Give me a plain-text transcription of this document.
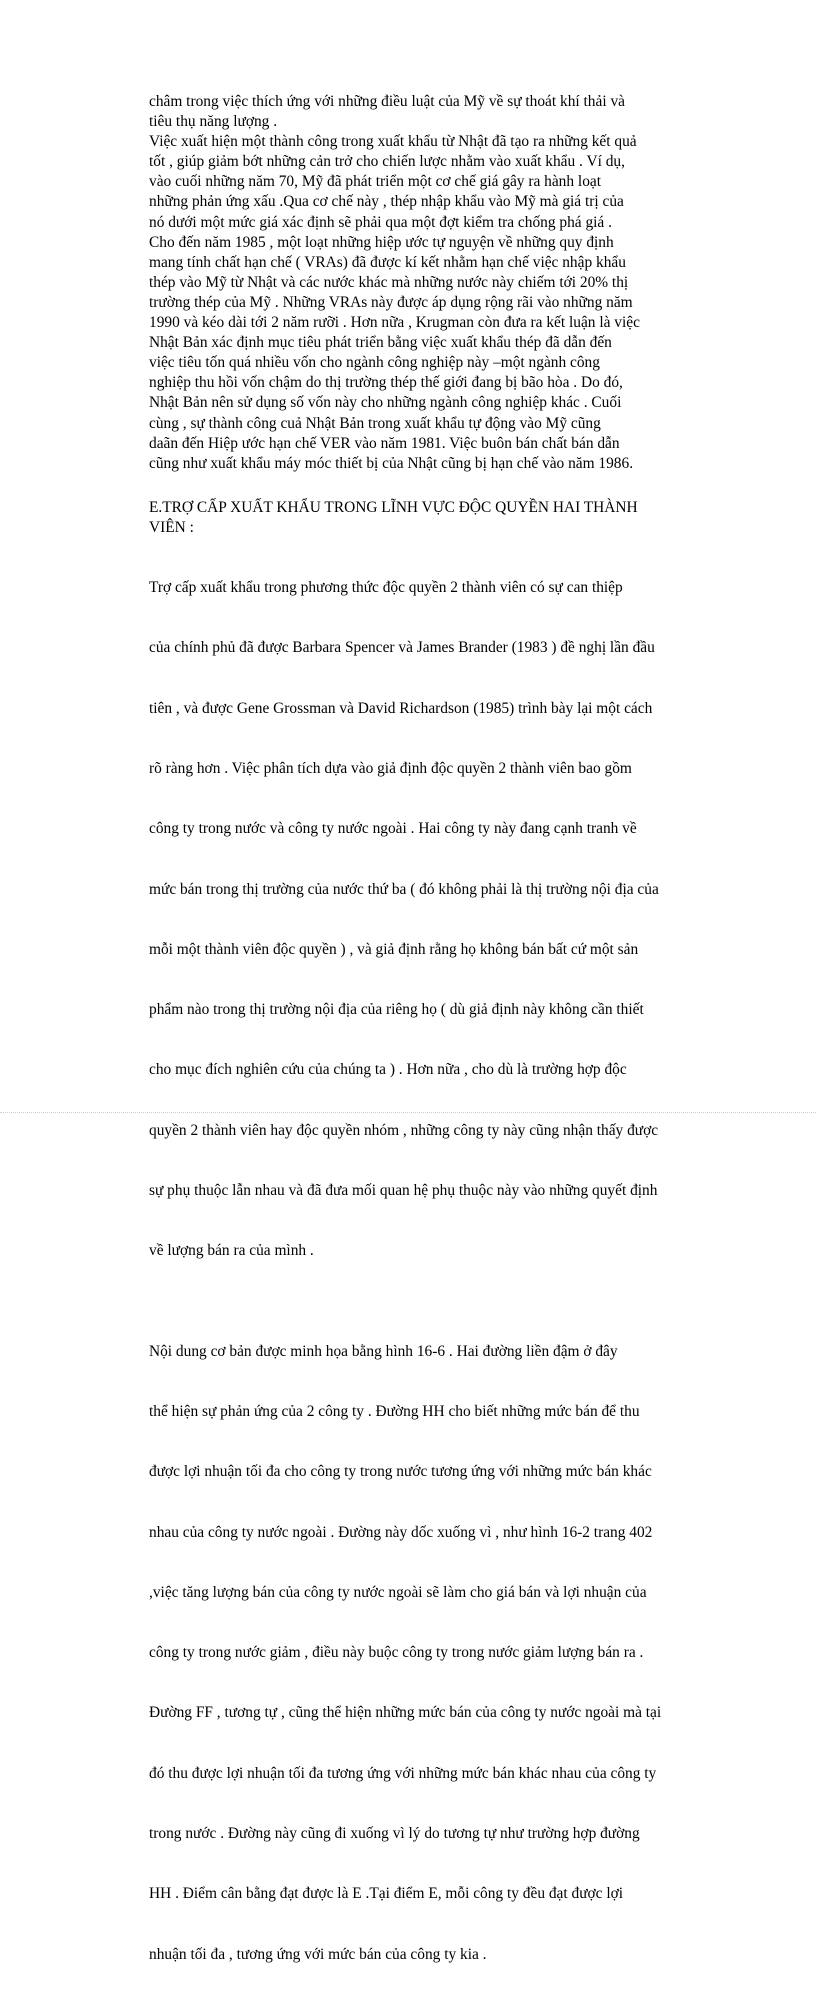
châm trong việc thích ứng với những điều luật của Mỹ về sự thoát khí thải và
tiêu thụ năng lượng .
Việc xuất hiện một thành công trong xuất khẩu từ Nhật đã tạo ra những kết quả
tốt , giúp giảm bớt những cản trở cho chiến lược nhằm vào xuất khẩu . Ví dụ,
vào cuối những năm 70, Mỹ đã phát triển một cơ chế giá gây ra hành loạt
những phản ứng xấu .Qua cơ chế này , thép nhập khẩu vào Mỹ mà giá trị của
nó dưới một mức giá xác định sẽ phải qua một đợt kiểm tra chống phá giá .
Cho đến năm 1985 , một loạt những hiệp ước tự nguyện về những quy định
mang tính chất hạn chế ( VRAs) đã được kí kết nhằm hạn chế việc nhập khẩu
thép vào Mỹ từ Nhật và các nước khác mà những nước này chiếm tới 20% thị
trường thép của Mỹ . Những VRAs này được áp dụng rộng rãi vào những năm
1990 và kéo dài tới 2 năm rưỡi . Hơn nữa , Krugman còn đưa ra kết luận là việc
Nhật Bản xác định mục tiêu phát triển bằng việc xuất khẩu thép đã dẫn đến
việc tiêu tốn quá nhiều vốn cho ngành công nghiệp này –một ngành công
nghiệp thu hồi vốn chậm do thị trường thép thế giới đang bị bão hòa . Do đó,
Nhật Bản nên sử dụng số vốn này cho những ngành công nghiệp khác . Cuối
cùng , sự thành công cuả Nhật Bản trong xuất khẩu tự động vào Mỹ cũng
daãn đến Hiệp ước hạn chế VER vào năm 1981. Việc buôn bán chất bán dẫn
cũng như xuất khẩu máy móc thiết bị của Nhật cũng bị hạn chế vào năm 1986.
E.TRỢ CẤP XUẤT KHẨU TRONG LĨNH VỰC ĐỘC QUYỀN HAI THÀNH
VIÊN :

Trợ cấp xuất khẩu trong phương thức độc quyền 2 thành viên có sự can thiệp

của chính phủ đã được Barbara Spencer và James Brander (1983 ) đề nghị lần đầu

tiên , và được Gene Grossman và David Richardson (1985) trình bày lại một cách

rõ ràng hơn . Việc phân tích dựa vào giả định độc quyền 2 thành viên bao gồm

công ty trong nước và công ty nước ngoài . Hai công ty này đang cạnh tranh về

mức bán trong thị trường của nước thứ ba ( đó không phải là thị trường nội địa của

mỗi một thành viên độc quyền ) , và giả định rằng họ không bán bất cứ một sản

phẩm nào trong thị trường nội địa của riêng họ ( dù giả định này không cần thiết

cho mục đích nghiên cứu của chúng ta ) . Hơn nữa , cho dù là trường hợp độc

quyền 2 thành viên hay độc quyền nhóm , những công ty này cũng nhận thấy được

sự phụ thuộc lẫn nhau và đã đưa mối quan hệ phụ thuộc này vào những quyết định

về lượng bán ra của mình .

Nội dung cơ bản được minh họa bằng hình 16-6 . Hai đường liền đậm ở đây

thể hiện sự phản ứng của 2 công ty . Đường HH cho biết những mức bán để thu

được lợi nhuận tối đa cho công ty trong nước tương ứng với những mức bán khác

nhau của công ty nước ngoài . Đường này dốc xuống vì , như hình 16-2 trang 402

,việc tăng lượng bán của công ty nước ngoài sẽ làm cho giá bán và lợi nhuận của

công ty trong nước giảm , điều này buộc công ty trong nước giảm lượng bán ra .

Đường FF , tương tự , cũng thể hiện những mức bán của công ty nước ngoài mà tại

đó thu được lợi nhuận tối đa tương ứng với những mức bán khác nhau của công ty

trong nước . Đường này cũng đi xuống vì lý do tương tự như trường hợp đường

HH . Điểm cân bằng đạt được là E .Tại điểm E, mỗi công ty đều đạt được lợi

nhuận tối đa , tương ứng với mức bán của công ty kia .
